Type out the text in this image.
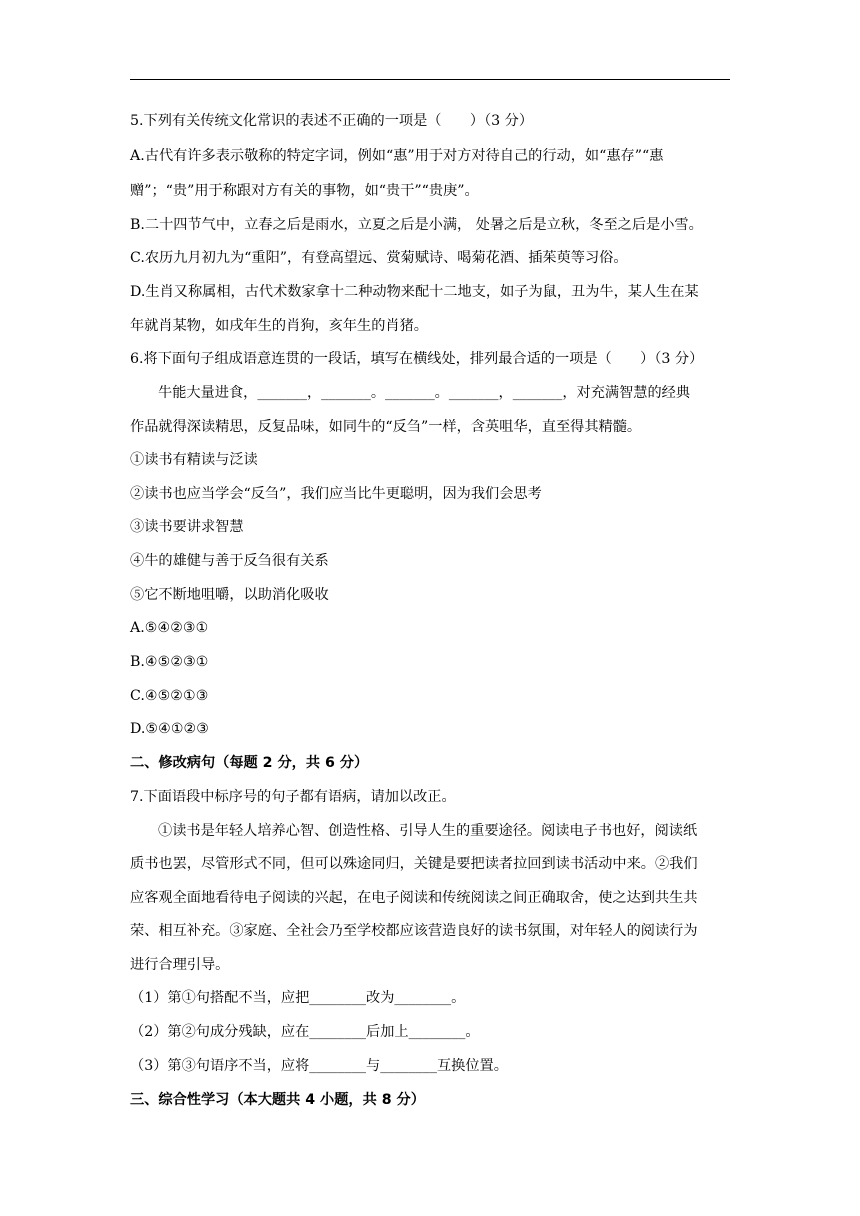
5.下列有关传统文化常识的表述不正确的一项是（　　）（3 分）

A.古代有许多表示敬称的特定字词，例如“惠”用于对方对待自己的行动，如“惠存”“惠

赠”；“贵”用于称跟对方有关的事物，如“贵干”“贵庚”。

B.二十四节气中，立春之后是雨水，立夏之后是小满， 处暑之后是立秋，冬至之后是小雪。

C.农历九月初九为“重阳”，有登高望远、赏菊赋诗、喝菊花酒、插茱萸等习俗。

D.生肖又称属相，古代术数家拿十二种动物来配十二地支，如子为鼠，丑为牛，某人生在某

年就肖某物，如戌年生的肖狗，亥年生的肖猪。

6.将下面句子组成语意连贯的一段话，填写在横线处，排列最合适的一项是（　　）（3 分）

牛能大量进食，_______，_______。_______。_______，_______，对充满智慧的经典

作品就得深读精思，反复品味，如同牛的“反刍”一样，含英咀华，直至得其精髓。

①读书有精读与泛读

②读书也应当学会“反刍”，我们应当比牛更聪明，因为我们会思考

③读书要讲求智慧

④牛的雄健与善于反刍很有关系

⑤它不断地咀嚼，以助消化吸收

A.⑤④②③①

B.④⑤②③①

C.④⑤②①③

D.⑤④①②③

二、修改病句（每题 2 分，共 6 分）

7.下面语段中标序号的句子都有语病，请加以改正。

①读书是年轻人培养心智、创造性格、引导人生的重要途径。阅读电子书也好，阅读纸

质书也罢，尽管形式不同，但可以殊途同归，关键是要把读者拉回到读书活动中来。②我们

应客观全面地看待电子阅读的兴起，在电子阅读和传统阅读之间正确取舍，使之达到共生共

荣、相互补充。③家庭、全社会乃至学校都应该营造良好的读书氛围，对年轻人的阅读行为

进行合理引导。

（1）第①句搭配不当，应把________改为________。

（2）第②句成分残缺，应在________后加上________。

（3）第③句语序不当，应将________与________互换位置。

三、综合性学习（本大题共 4 小题，共 8 分）
